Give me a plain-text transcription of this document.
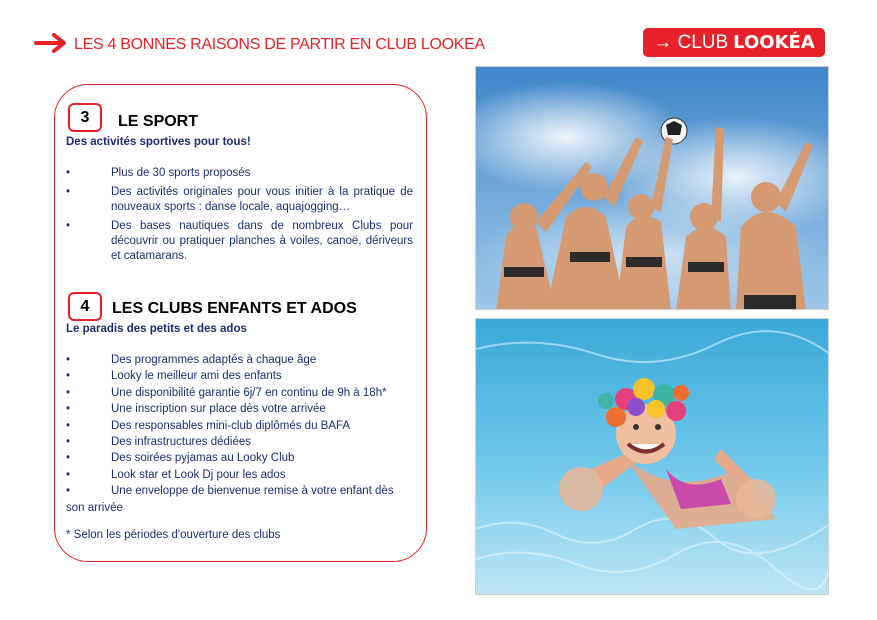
LES 4 BONNES RAISONS DE PARTIR EN CLUB LOOKEA	→ CLUB LOOKÉA
3	LE SPORT
Des activités sportives pour tous!
•	Plus de 30 sports proposés
•	Des activités originales pour vous initier à la pratique de nouveaux sports : danse locale, aquajogging…
•	Des bases nautiques dans de nombreux Clubs pour découvrir ou pratiquer planches à voiles, canoë, dériveurs et catamarans.
4	LES CLUBS ENFANTS ET ADOS
Le paradis des petits et des ados
•	Des programmes adaptés à chaque âge
•	Looky le meilleur ami des enfants
•	Une disponibilité garantie 6j/7 en continu de 9h à 18h*
•	Une inscription sur place dès votre arrivée
•	Des responsables mini-club diplômés du BAFA
•	Des infrastructures dédiées
•	Des soirées pyjamas au Looky Club
•	Look star et Look Dj pour les ados
•	Une enveloppe de bienvenue remise à votre enfant dès son arrivée
* Selon les périodes d'ouverture des clubs
